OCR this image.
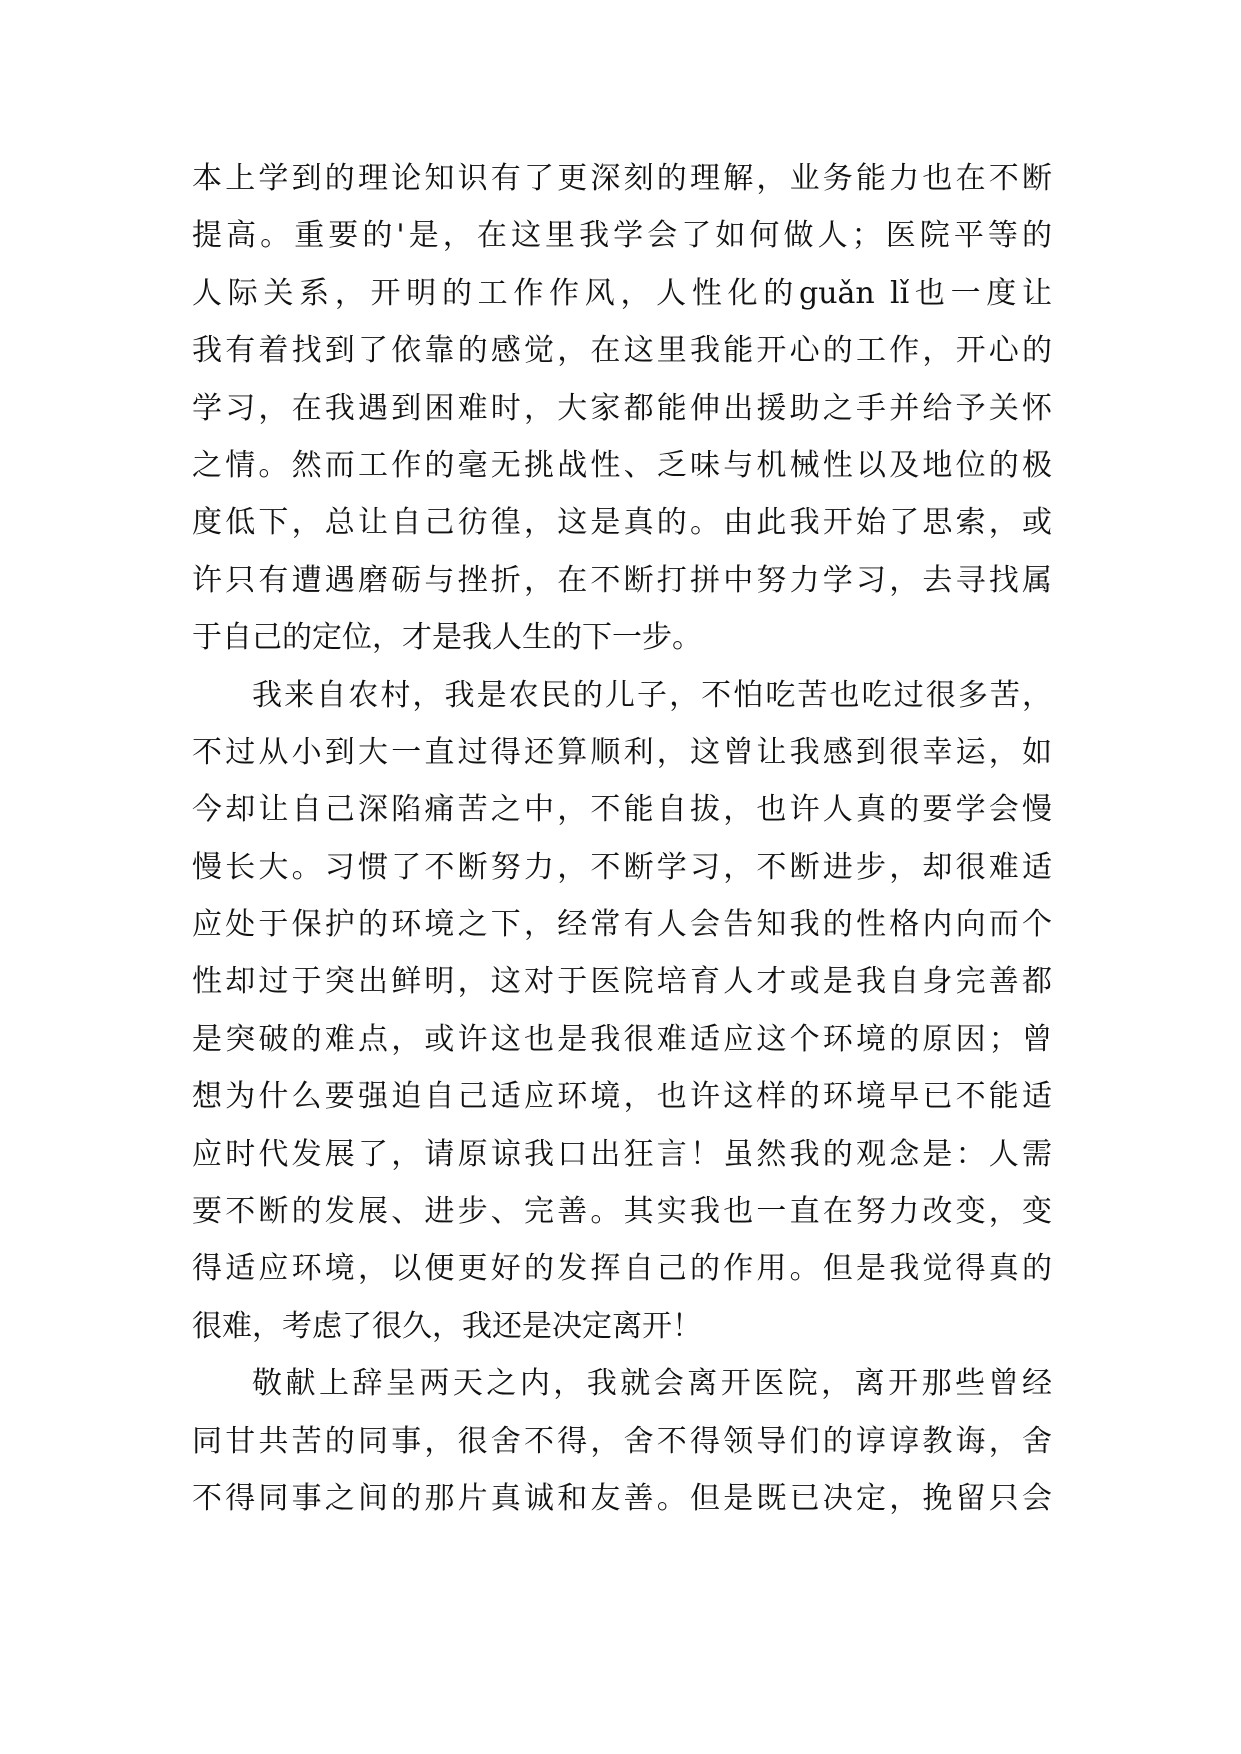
本上学到的理论知识有了更深刻的理解，业务能力也在不断
提高。重要的'是，在这里我学会了如何做人；医院平等的
人际关系，开明的工作作风，人性化的guǎn lǐ也一度让
我有着找到了依靠的感觉，在这里我能开心的工作，开心的
学习，在我遇到困难时，大家都能伸出援助之手并给予关怀
之情。然而工作的毫无挑战性、乏味与机械性以及地位的极
度低下，总让自己彷徨，这是真的。由此我开始了思索，或
许只有遭遇磨砺与挫折，在不断打拼中努力学习，去寻找属
于自己的定位，才是我人生的下一步。
我来自农村，我是农民的儿子，不怕吃苦也吃过很多苦，
不过从小到大一直过得还算顺利，这曾让我感到很幸运，如
今却让自己深陷痛苦之中，不能自拔，也许人真的要学会慢
慢长大。习惯了不断努力，不断学习，不断进步，却很难适
应处于保护的环境之下，经常有人会告知我的性格内向而个
性却过于突出鲜明，这对于医院培育人才或是我自身完善都
是突破的难点，或许这也是我很难适应这个环境的原因；曾
想为什么要强迫自己适应环境，也许这样的环境早已不能适
应时代发展了，请原谅我口出狂言！虽然我的观念是：人需
要不断的发展、进步、完善。其实我也一直在努力改变，变
得适应环境，以便更好的发挥自己的作用。但是我觉得真的
很难，考虑了很久，我还是决定离开！
敬献上辞呈两天之内，我就会离开医院，离开那些曾经
同甘共苦的同事，很舍不得，舍不得领导们的谆谆教诲，舍
不得同事之间的那片真诚和友善。但是既已决定，挽留只会
